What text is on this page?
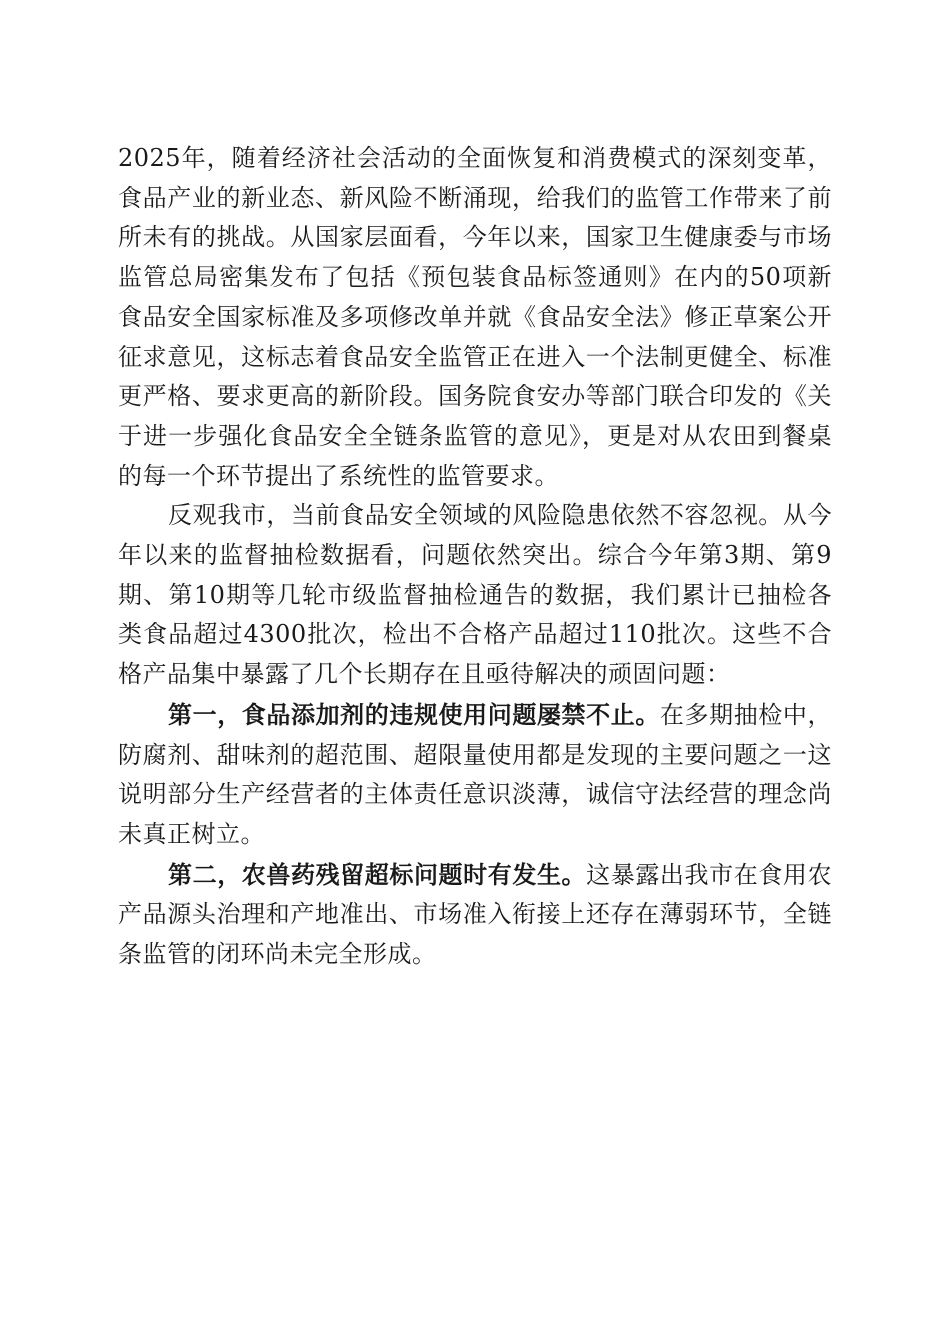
2025年，随着经济社会活动的全面恢复和消费模式的深刻变革，食品产业的新业态、新风险不断涌现，给我们的监管工作带来了前所未有的挑战。从国家层面看，今年以来，国家卫生健康委与市场监管总局密集发布了包括《预包装食品标签通则》在内的50项新食品安全国家标准及多项修改单并就《食品安全法》修正草案公开征求意见，这标志着食品安全监管正在进入一个法制更健全、标准更严格、要求更高的新阶段。国务院食安办等部门联合印发的《关于进一步强化食品安全全链条监管的意见》，更是对从农田到餐桌的每一个环节提出了系统性的监管要求。

反观我市，当前食品安全领域的风险隐患依然不容忽视。从今年以来的监督抽检数据看，问题依然突出。综合今年第3期、第9期、第10期等几轮市级监督抽检通告的数据，我们累计已抽检各类食品超过4300批次，检出不合格产品超过110批次。这些不合格产品集中暴露了几个长期存在且亟待解决的顽固问题：

第一，食品添加剂的违规使用问题屡禁不止。在多期抽检中，防腐剂、甜味剂的超范围、超限量使用都是发现的主要问题之一这说明部分生产经营者的主体责任意识淡薄，诚信守法经营的理念尚未真正树立。

第二，农兽药残留超标问题时有发生。这暴露出我市在食用农产品源头治理和产地准出、市场准入衔接上还存在薄弱环节，全链条监管的闭环尚未完全形成。
